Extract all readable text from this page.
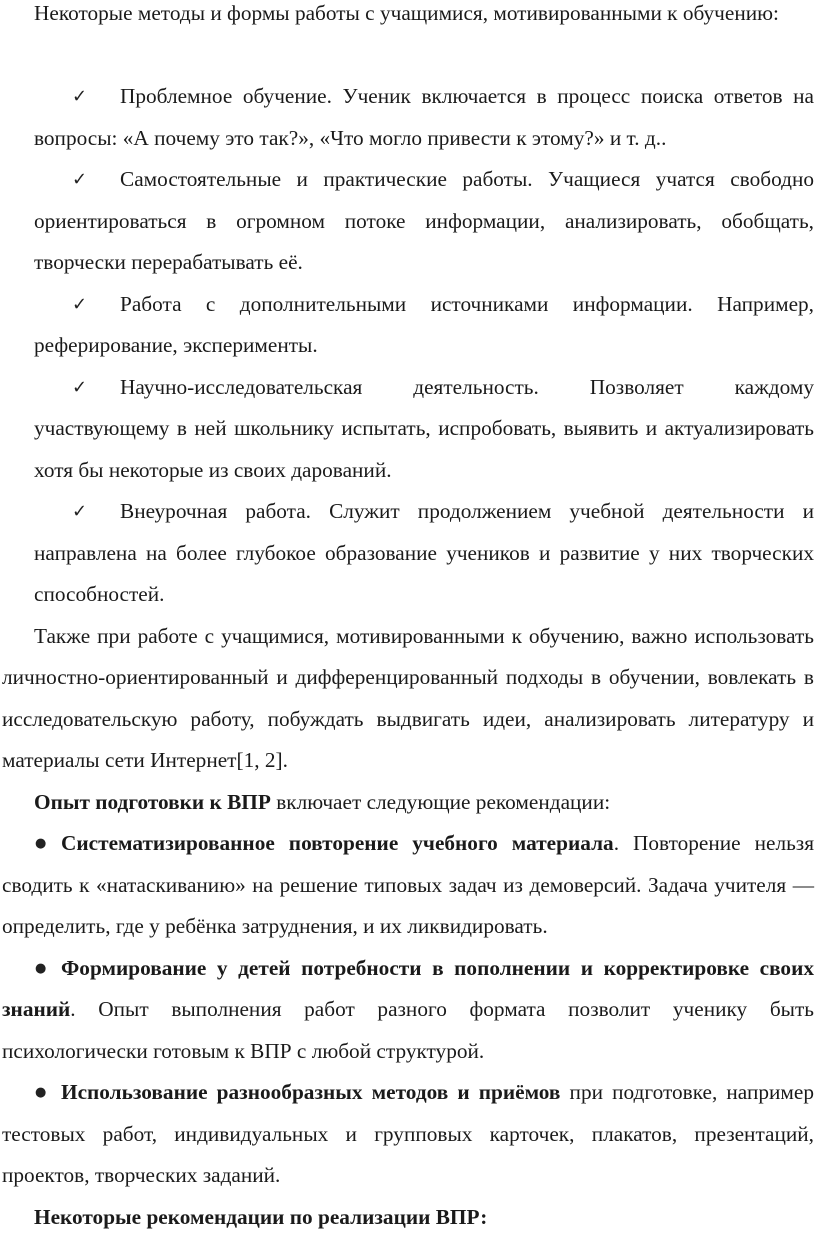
Некоторые методы и формы работы с учащимися, мотивированными к обучению:

✓ Проблемное обучение. Ученик включается в процесс поиска ответов на вопросы: «А почему это так?», «Что могло привести к этому?» и т. д..

✓ Самостоятельные и практические работы. Учащиеся учатся свободно ориентироваться в огромном потоке информации, анализировать, обобщать, творчески перерабатывать её.

✓ Работа с дополнительными источниками информации. Например, реферирование, эксперименты.

✓ Научно-исследовательская деятельность. Позволяет каждому участвующему в ней школьнику испытать, испробовать, выявить и актуализировать хотя бы некоторые из своих дарований.

✓ Внеурочная работа. Служит продолжением учебной деятельности и направлена на более глубокое образование учеников и развитие у них творческих способностей.

Также при работе с учащимися, мотивированными к обучению, важно использовать личностно-ориентированный и дифференцированный подходы в обучении, вовлекать в исследовательскую работу, побуждать выдвигать идеи, анализировать литературу и материалы сети Интернет[1, 2].

Опыт подготовки к ВПР включает следующие рекомендации:

● Систематизированное повторение учебного материала. Повторение нельзя сводить к «натаскиванию» на решение типовых задач из демоверсий. Задача учителя — определить, где у ребёнка затруднения, и их ликвидировать.

● Формирование у детей потребности в пополнении и корректировке своих знаний. Опыт выполнения работ разного формата позволит ученику быть психологически готовым к ВПР с любой структурой.

● Использование разнообразных методов и приёмов при подготовке, например тестовых работ, индивидуальных и групповых карточек, плакатов, презентаций, проектов, творческих заданий.

Некоторые рекомендации по реализации ВПР:
